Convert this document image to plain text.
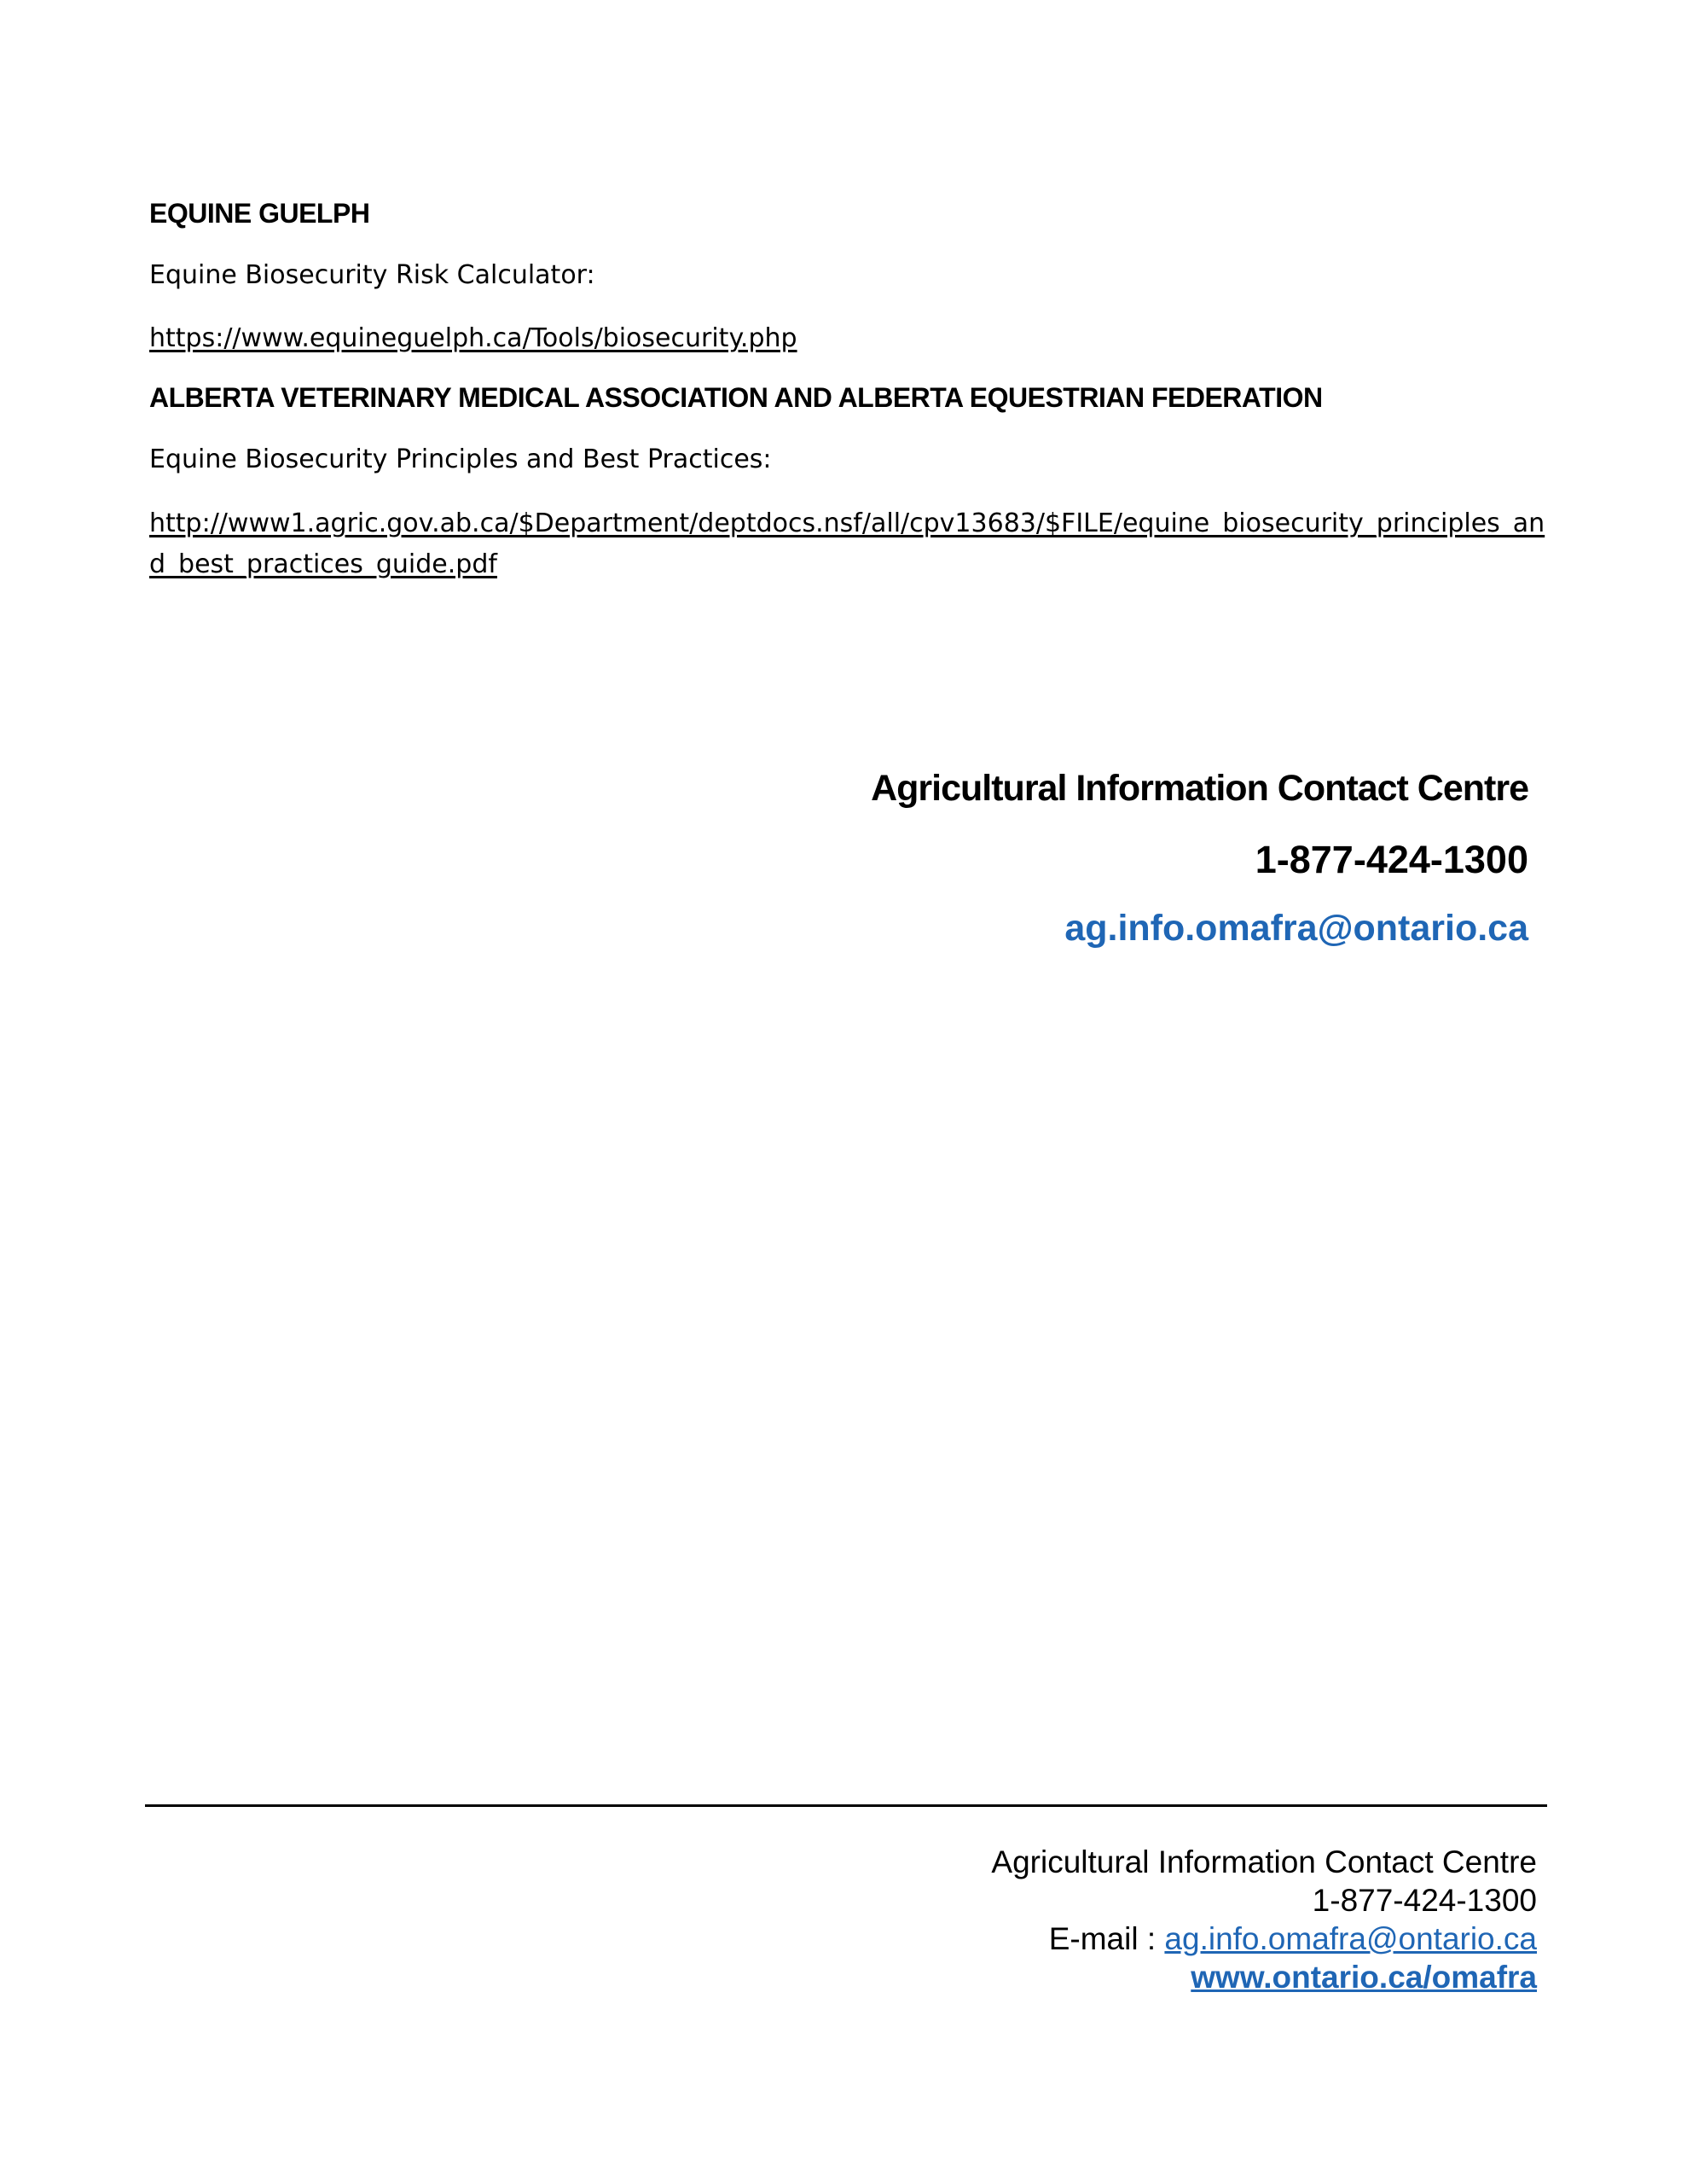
EQUINE GUELPH
Equine Biosecurity Risk Calculator:
https://www.equineguelph.ca/Tools/biosecurity.php
ALBERTA VETERINARY MEDICAL ASSOCIATION AND ALBERTA EQUESTRIAN FEDERATION
Equine Biosecurity Principles and Best Practices:
http://www1.agric.gov.ab.ca/$Department/deptdocs.nsf/all/cpv13683/$FILE/equine_biosecurity_principles_and_best_practices_guide.pdf
Agricultural Information Contact Centre
1-877-424-1300
ag.info.omafra@ontario.ca
Agricultural Information Contact Centre
1-877-424-1300
E-mail : ag.info.omafra@ontario.ca
www.ontario.ca/omafra
